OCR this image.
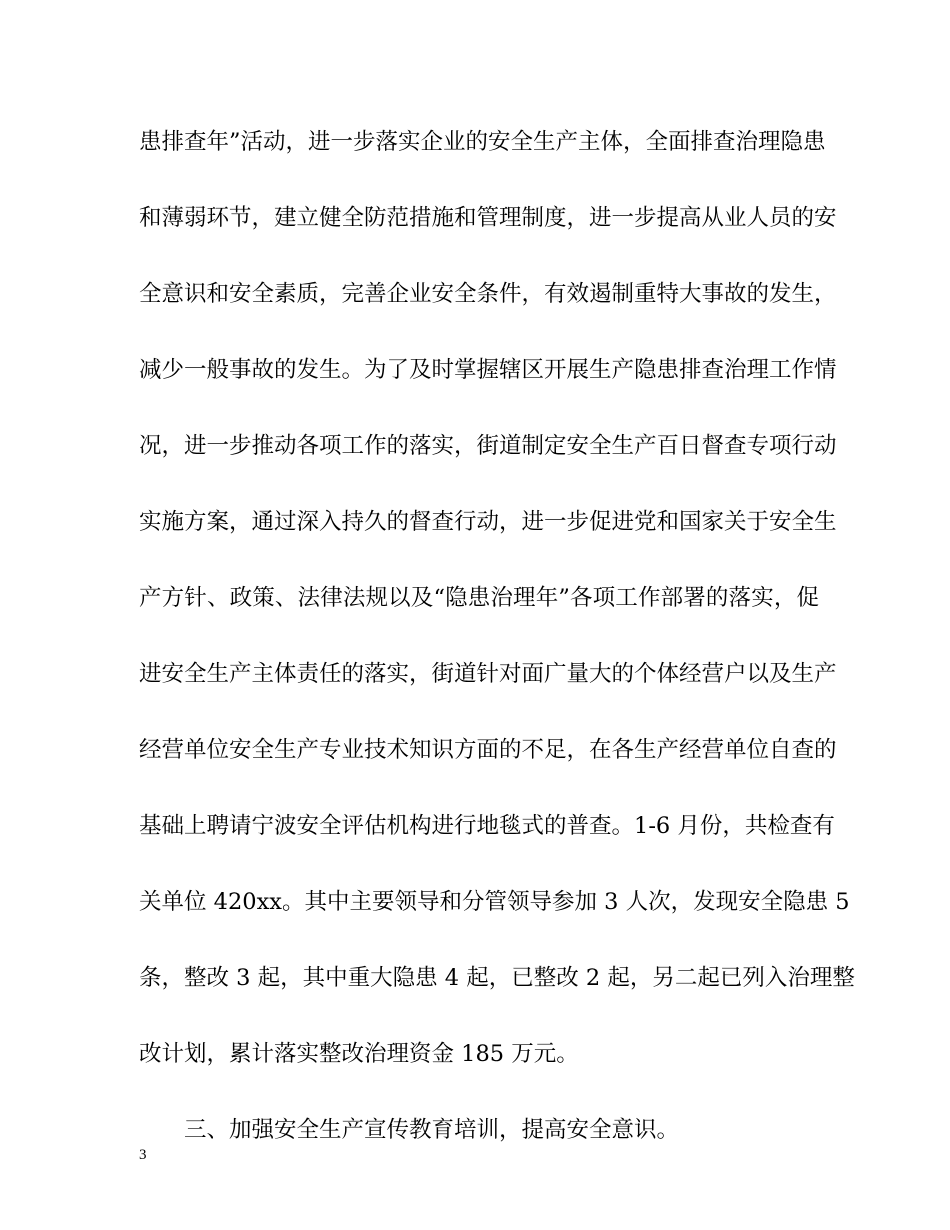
患排查年”活动，进一步落实企业的安全生产主体，全面排查治理隐患
和薄弱环节，建立健全防范措施和管理制度，进一步提高从业人员的安
全意识和安全素质，完善企业安全条件，有效遏制重特大事故的发生，
减少一般事故的发生。为了及时掌握辖区开展生产隐患排查治理工作情
况，进一步推动各项工作的落实，街道制定安全生产百日督查专项行动
实施方案，通过深入持久的督查行动，进一步促进党和国家关于安全生
产方针、政策、法律法规以及“隐患治理年”各项工作部署的落实，促
进安全生产主体责任的落实，街道针对面广量大的个体经营户以及生产
经营单位安全生产专业技术知识方面的不足，在各生产经营单位自查的
基础上聘请宁波安全评估机构进行地毯式的普查。1-6 月份，共检查有
关单位 420xx。其中主要领导和分管领导参加 3 人次，发现安全隐患 5
条，整改 3 起，其中重大隐患 4 起，已整改 2 起，另二起已列入治理整
改计划，累计落实整改治理资金 185 万元。
三、加强安全生产宣传教育培训，提高安全意识。
3
